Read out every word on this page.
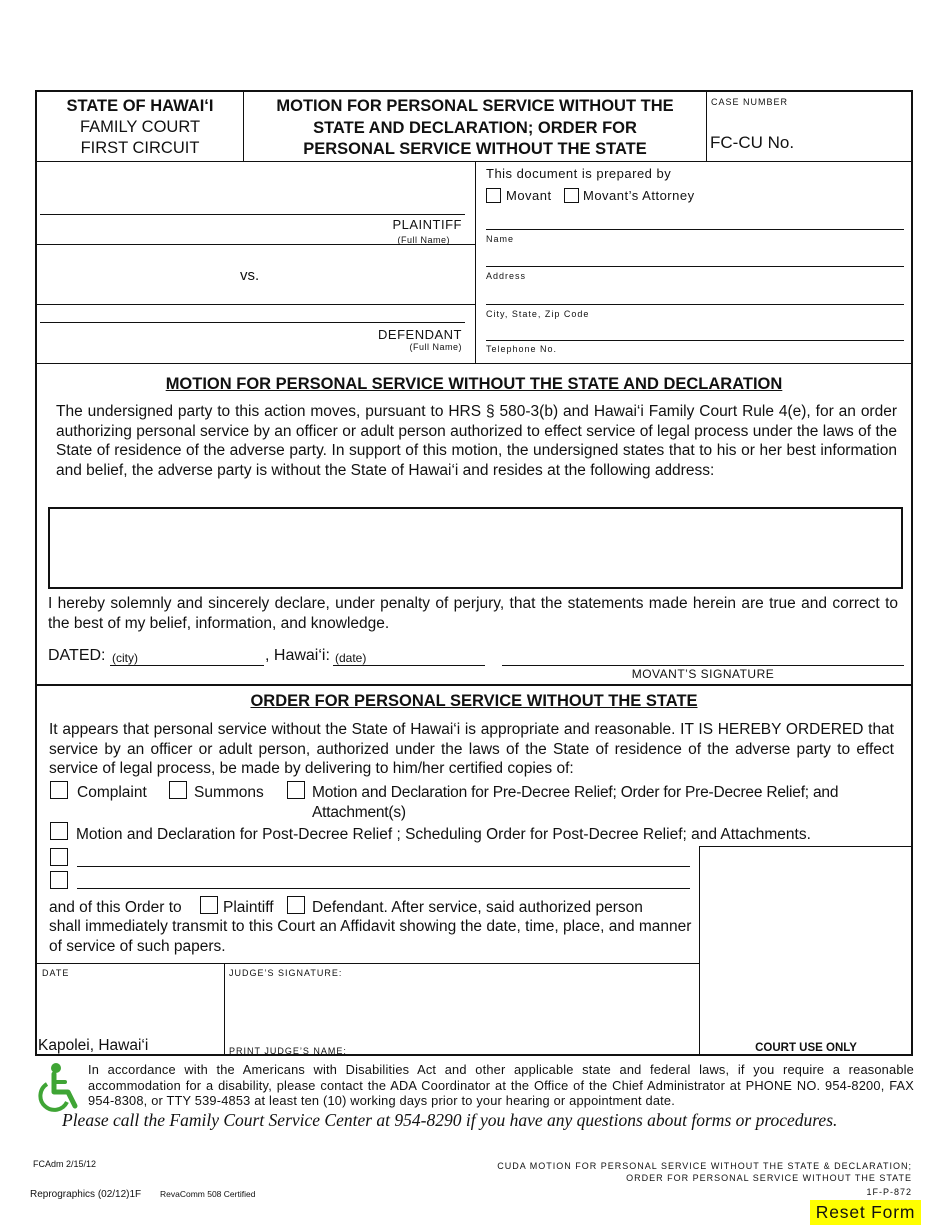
STATE OF HAWAIʻI
FAMILY COURT
FIRST CIRCUIT
MOTION FOR PERSONAL SERVICE WITHOUT THE
STATE AND DECLARATION; ORDER FOR
PERSONAL SERVICE WITHOUT THE STATE
CASE NUMBER
FC-CU No.
PLAINTIFF
(Full Name)
vs.
DEFENDANT
(Full Name)
This document is prepared by
Movant Movant’s Attorney
Name
Address
City, State, Zip Code
Telephone No.
MOTION FOR PERSONAL SERVICE WITHOUT THE STATE AND DECLARATION
The undersigned party to this action moves, pursuant to HRS § 580-3(b) and Hawai‘i Family Court Rule 4(e), for an order authorizing personal service by an officer or adult person authorized to effect service of legal process under the laws of the State of residence of the adverse party. In support of this motion, the undersigned states that to his or her best information and belief, the adverse party is without the State of Hawai‘i and resides at the following address:
I hereby solemnly and sincerely declare, under penalty of perjury, that the statements made herein are true and correct to the best of my belief, information, and knowledge.
DATED: (city)	, Hawai‘i: (date)
MOVANT’S SIGNATURE
ORDER FOR PERSONAL SERVICE WITHOUT THE STATE
It appears that personal service without the State of Hawai‘i is appropriate and reasonable. IT IS HEREBY ORDERED that service by an officer or adult person, authorized under the laws of the State of residence of the adverse party to effect service of legal process, be made by delivering to him/her certified copies of:
Complaint	Summons	Motion and Declaration for Pre-Decree Relief; Order for Pre-Decree Relief; and Attachment(s)
Motion and Declaration for Post-Decree Relief ; Scheduling Order for Post-Decree Relief; and Attachments.
COURT USE ONLY
and of this Order to	Plaintiff Defendant. After service, said authorized person
shall immediately transmit to this Court an Affidavit showing the date, time, place, and manner of service of such papers.
DATE
Kapolei, Hawai‘i
JUDGE’S SIGNATURE:
PRINT JUDGE’S NAME:
In accordance with the Americans with Disabilities Act and other applicable state and federal laws, if you require a reasonable accommodation for a disability, please contact the ADA Coordinator at the Office of the Chief Administrator at PHONE NO. 954-8200, FAX 954-8308, or TTY 539-4853 at least ten (10) working days prior to your hearing or appointment date.
Please call the Family Court Service Center at 954-8290 if you have any questions about forms or procedures.
FCAdm 2/15/12
Reprographics (02/12)1F RevaComm 508 Certified
CUDA MOTION FOR PERSONAL SERVICE WITHOUT THE STATE & DECLARATION;
ORDER FOR PERSONAL SERVICE WITHOUT THE STATE
1F-P-872
Reset Form
